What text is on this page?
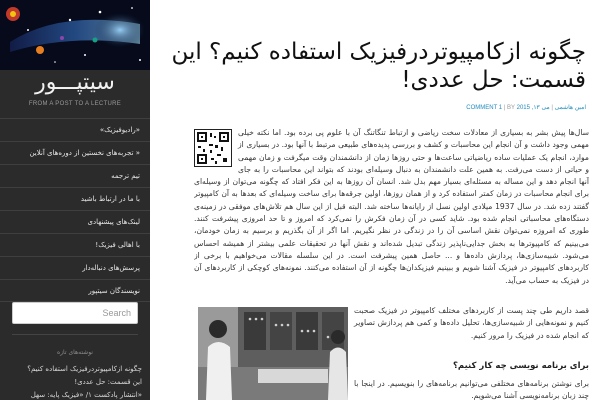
سیتپـــور
FROM A POST TO A LECTURE
«رادیوفیزیک»
« تجربه‌های نخستین از دوره‌های آنلاین
تیم ترجمه
با ما در ارتباط باشید
لینک‌های پیشنهادی
با اهالی فیزیک!
پرسش‌های دنباله‌دار
نویسندگان سیتپور
Search
نوشته‌های تازه
چگونه ازکامپیوتردرفیزیک استفاده کنیم؟
این قسمت: حل عددی!
«انتشار پادکست ۱/ «فیزیک پایه: سهل
چگونه ازکامپیوتردرفیزیک استفاده کنیم؟ این قسمت: حل عددی!
COMMENT 1 | BY	امین هاشمی | می ۱۳, 2015
سال‌ها پیش بشر به بسیاری از معادلات سخت ریاضی و ارتباط تنگاتنگ آن با علوم پی برده بود. اما نکته خیلی مهمی وجود داشت و آن انجام این محاسبات و کشف و بررسی پدیده‌های طبیعی مرتبط با آنها بود. در بسیاری از موارد، انجام یک عملیات ساده ریاضیاتی ساعت‌ها و حتی روزها زمان از دانشمندان وقت میگرفت و زمان مهمی و حیاتی از دست می‌رفت. به همین علت دانشمندان به دنبال وسیله‌ای بودند که بتواند این محاسبات را به جای آنها انجام دهد و این مساله به مسئله‌ای بسیار مهم بدل شد. انسان آن روزها به این فکر افتاد که چگونه می‌توان از وسیله‌ای برای انجام محاسبات در زمان کمتر استفاده کرد و از همان روزها، اولین جرقه‌ها برای ساخت وسیله‌ای که بعدها به آن کامپیوتر گفتند زده شد. در سال 1937 میلادی اولین نسل از رایانه‌ها ساخته شد. البته قبل از این سال هم تلاش‌های موفقی در زمینه‌ی دستگاه‌های محاسباتی انجام شده بود. شاید کسی در آن زمان فکرش را نمی‌کرد که امروز و تا حد امروزی پیشرفت کنند. طوری که امروزه نمی‌توان نقش اساسی آن را در زندگی در نظر نگیریم. اما اگر از آن بگذریم و برسیم به زمان خودمان، می‌بینیم که کامپیوترها به بخش جدایی‌ناپذیر زندگی تبدیل شده‌اند و نقش آنها در تحقیقات علمی بیشتر از همیشه احساس می‌شود. شبیه‌سازی‌ها، پردازش داده‌ها و ... حاصل همین پیشرفت است. در این سلسله مقالات می‌خواهیم با برخی از کاربردهای کامپیوتر در فیزیک آشنا شویم و ببینیم فیزیکدان‌ها چگونه از آن استفاده می‌کنند. نمونه‌های کوچکی از کاربردهای آن در فیزیک به حساب می‌آید.
قصد داریم طی چند پست از کاربردهای مختلف کامپیوتر در فیزیک صحبت کنیم و نمونه‌هایی از شبیه‌سازی‌ها، تحلیل داده‌ها و کمی هم پردازش تصاویر که انجام شده در فیزیک را مرور کنیم.
برای برنامه نویسی چه کار کنیم؟
برای نوشتن برنامه‌های مختلفی می‌توانیم برنامه‌های را بنویسیم. در اینجا با چند زبان برنامه‌نویسی آشنا می‌شویم.
